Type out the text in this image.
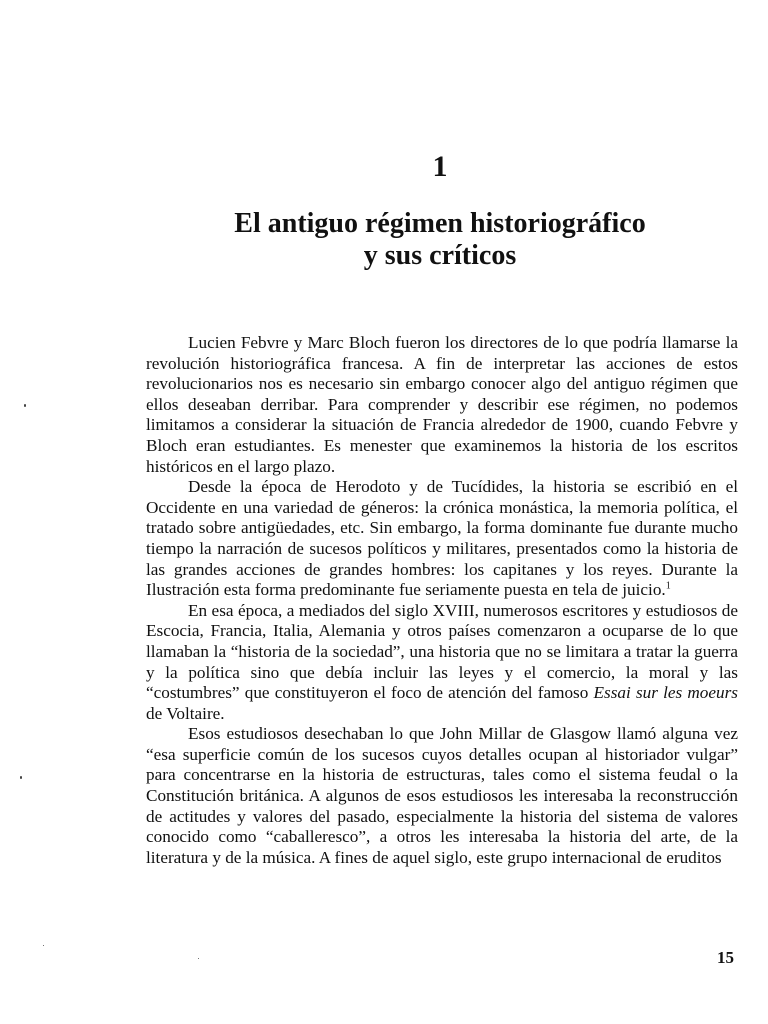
1
El antiguo régimen historiográfico
y sus críticos

Lucien Febvre y Marc Bloch fueron los directores de lo que podría llamarse la revolución historiográfica francesa. A fin de interpretar las acciones de estos revolucionarios nos es necesario sin embargo conocer algo del antiguo régimen que ellos deseaban derribar. Para comprender y describir ese régimen, no podemos limitamos a considerar la situación de Francia alrededor de 1900, cuando Febvre y Bloch eran estudiantes. Es menester que examinemos la historia de los escritos históricos en el largo plazo.

Desde la época de Herodoto y de Tucídides, la historia se escribió en el Occidente en una variedad de géneros: la crónica monástica, la memoria política, el tratado sobre antigüedades, etc. Sin embargo, la forma dominante fue durante mucho tiempo la narración de sucesos políticos y militares, presentados como la historia de las grandes acciones de grandes hombres: los capitanes y los reyes. Durante la Ilustración esta forma predominante fue seriamente puesta en tela de juicio.$^1$

En esa época, a mediados del siglo XVIII, numerosos escritores y estudiosos de Escocia, Francia, Italia, Alemania y otros países comenzaron a ocuparse de lo que llamaban la “historia de la sociedad”, una historia que no se limitara a tratar la guerra y la política sino que debía incluir las leyes y el comercio, la moral y las “costumbres” que constituyeron el foco de atención del famoso Essai sur les moeurs de Voltaire.

Esos estudiosos desechaban lo que John Millar de Glasgow llamó alguna vez “esa superficie común de los sucesos cuyos detalles ocupan al historiador vulgar” para concentrarse en la historia de estructuras, tales como el sistema feudal o la Constitución británica. A algunos de esos estudiosos les interesaba la reconstrucción de actitudes y valores del pasado, especialmente la historia del sistema de valores conocido como “caballeresco”, a otros les interesaba la historia del arte, de la literatura y de la música. A fines de aquel siglo, este grupo internacional de eruditos

15
